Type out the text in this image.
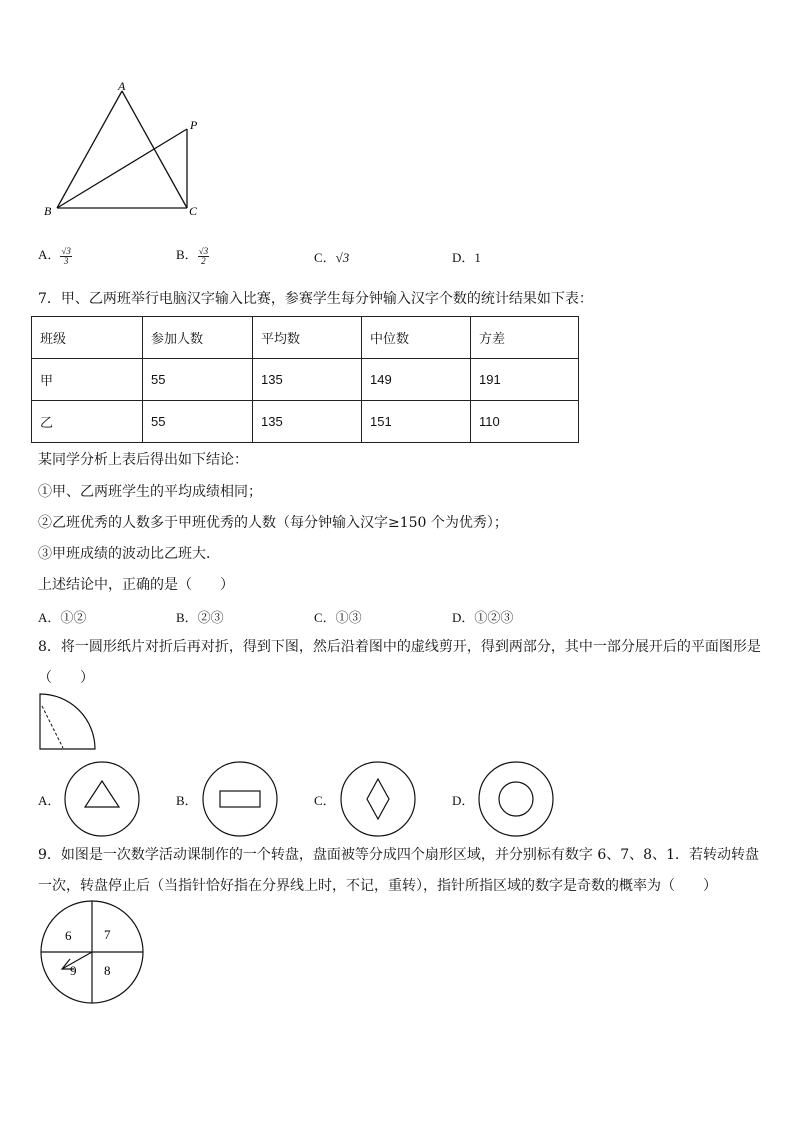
A
P
B	C
A． $\frac{√3}{3}$	B． $\frac{√3}{2}$	C．√3	D．1
7．甲、乙两班举行电脑汉字输入比赛，参赛学生每分钟输入汉字个数的统计结果如下表：
班级	参加人数	平均数	中位数	方差
甲	55	135	149	191
乙	55	135	151	110
某同学分析上表后得出如下结论：
①甲、乙两班学生的平均成绩相同；
②乙班优秀的人数多于甲班优秀的人数（每分钟输入汉字≥150 个为优秀）；
③甲班成绩的波动比乙班大．
上述结论中，正确的是（　　）
A．①②	B．②③	C．①③	D．①②③
8．将一圆形纸片对折后再对折，得到下图，然后沿着图中的虚线剪开，得到两部分，其中一部分展开后的平面图形是
（　　）
A．	B．	C．	D．
9．如图是一次数学活动课制作的一个转盘，盘面被等分成四个扇形区域，并分别标有数字 6、7、8、1．若转动转盘
一次，转盘停止后（当指针恰好指在分界线上时，不记，重转），指针所指区域的数字是奇数的概率为（　　）
6	7
9 8
